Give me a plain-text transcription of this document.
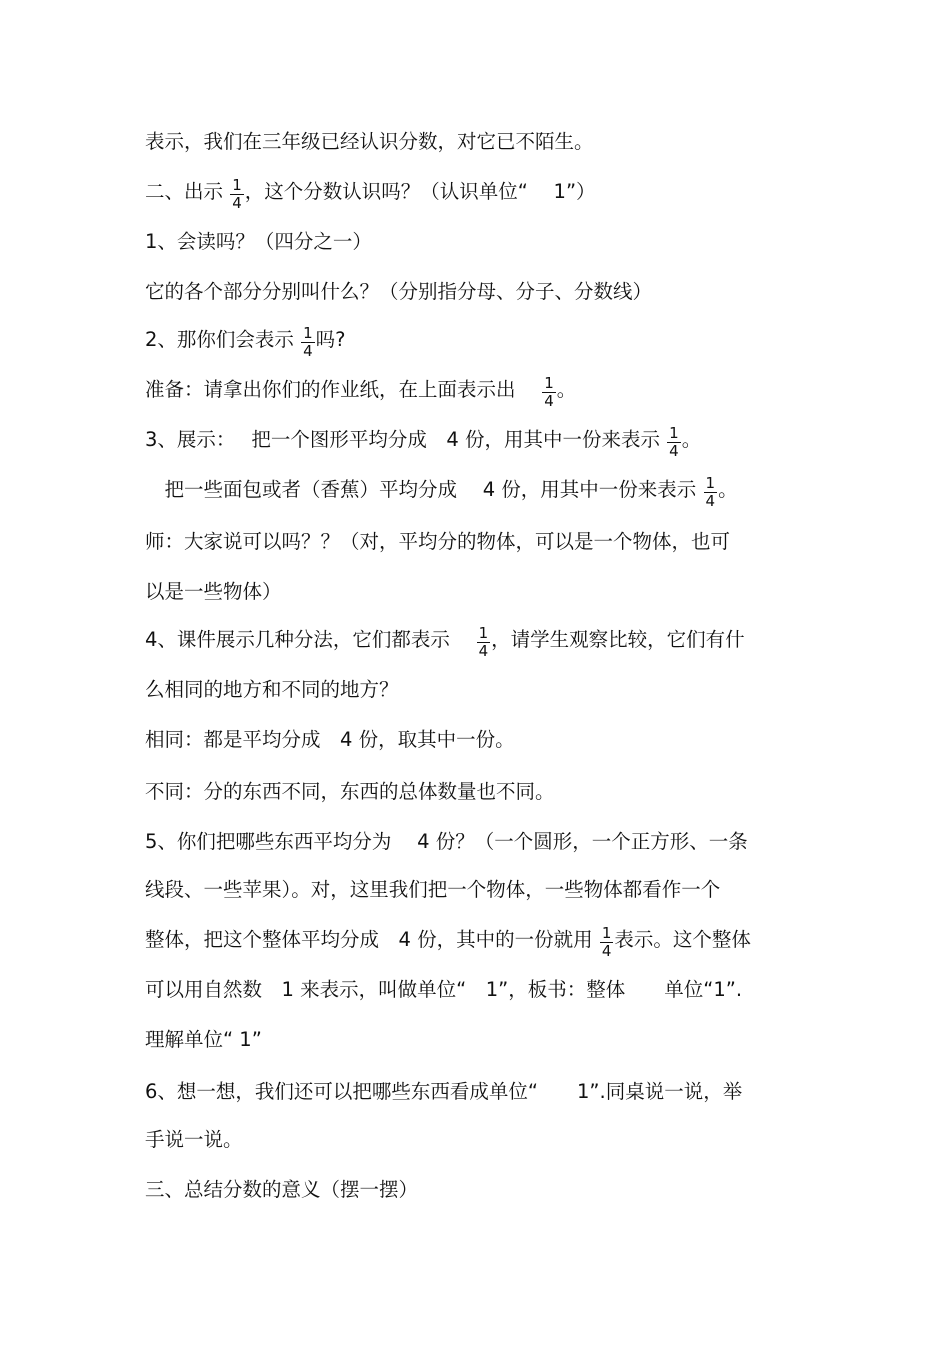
表示，我们在三年级已经认识分数，对它已不陌生。
二、出示 $\frac{1}{4}$ ，这个分数认识吗？（认识单位“　 1”）
1、会读吗？（四分之一）
它的各个部分分别叫什么？（分别指分母、分子、分数线）
2、那你们会表示 $\frac{1}{4}$ 吗?
准备：请拿出你们的作业纸，在上面表示出　 $\frac{1}{4}$ 。
3、展示：　 把一个图形平均分成　4 份，用其中一份来表示 $\frac{1}{4}$ 。
　把一些面包或者（香蕉）平均分成　 4 份，用其中一份来表示 $\frac{1}{4}$ 。
师：大家说可以吗？？（对，平均分的物体，可以是一个物体，也可
以是一些物体）
4、课件展示几种分法，它们都表示　 $\frac{1}{4}$ ，请学生观察比较，它们有什
么相同的地方和不同的地方？
相同：都是平均分成　4 份，取其中一份。
不同：分的东西不同，东西的总体数量也不同。
5、你们把哪些东西平均分为　 4 份？（一个圆形，一个正方形、一条
线段、一些苹果）。对，这里我们把一个物体，一些物体都看作一个
整体，把这个整体平均分成　4 份，其中的一份就用 $\frac{1}{4}$ 表示。这个整体
可以用自然数　1 来表示，叫做单位“　1”，板书：整体　　单位“1”.
理解单位“ 1”
6、想一想，我们还可以把哪些东西看成单位“　　1”.同桌说一说，举
手说一说。
三、总结分数的意义（摆一摆）
